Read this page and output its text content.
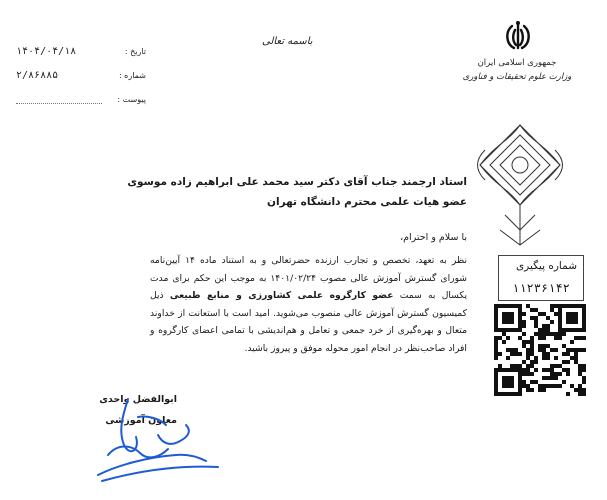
باسمه تعالی
تاریخ :
۱۴۰۴/۰۴/۱۸
شماره :
۲/۸۶۸۸۵
پیوست :
جمهوری اسلامی ایران
وزارت علوم تحقیقات و فناوری
استاد ارجمند جناب آقای دکتر سید محمد علی ابراهیم زاده موسوی
عضو هیات علمی محترم دانشگاه تهران
با سلام و احترام،
نظر به تعهد، تخصص و تجارب ارزنده حضرتعالی و به استناد ماده ۱۴ آیین‌نامه شورای گسترش آموزش عالی مصوب ۱۴۰۱/۰۲/۲۴ به موجب این حکم برای مدت یکسال به سمت عضو کارگروه علمی کشاورزی و منابع طبیعی ذیل کمیسیون گسترش آموزش عالی منصوب می‌شوید. امید است با استعانت از خداوند متعال و بهره‌گیری از خرد جمعی و تعامل و هم‌اندیشی با تمامی اعضای کارگروه و افراد صاحب‌نظر در انجام امور محوله موفق و پیروز باشید.
ابوالفضل واحدی
معاون آموزشی
شماره پیگیری
۱۱۲۳۶۱۴۲
